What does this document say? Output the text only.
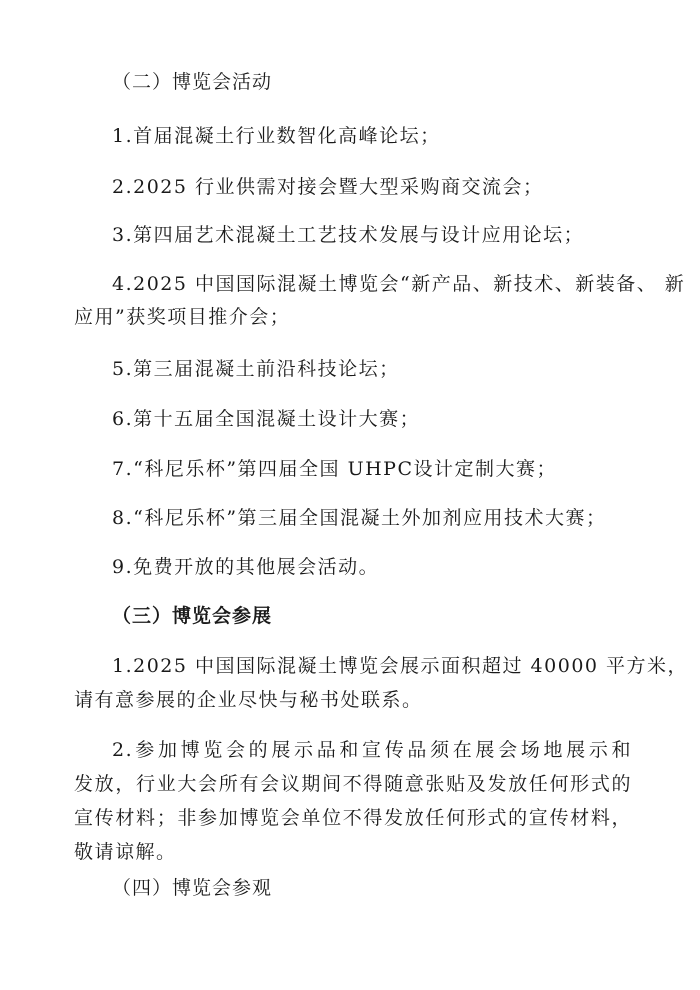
（二）博览会活动
1.首届混凝土行业数智化高峰论坛；
2.2025 行业供需对接会暨大型采购商交流会；
3.第四届艺术混凝土工艺技术发展与设计应用论坛；
4.2025 中国国际混凝土博览会“新产品、新技术、新装备、 新
应用”获奖项目推介会；
5.第三届混凝土前沿科技论坛；
6.第十五届全国混凝土设计大赛；
7.“科尼乐杯”第四届全国 UHPC设计定制大赛；
8.“科尼乐杯”第三届全国混凝土外加剂应用技术大赛；
9.免费开放的其他展会活动。
（三）博览会参展
1.2025 中国国际混凝土博览会展示面积超过 40000 平方米，
请有意参展的企业尽快与秘书处联系。
2.参加博览会的展示品和宣传品须在展会场地展示和
发放，行业大会所有会议期间不得随意张贴及发放任何形式的
宣传材料；非参加博览会单位不得发放任何形式的宣传材料，
敬请谅解。
（四）博览会参观
